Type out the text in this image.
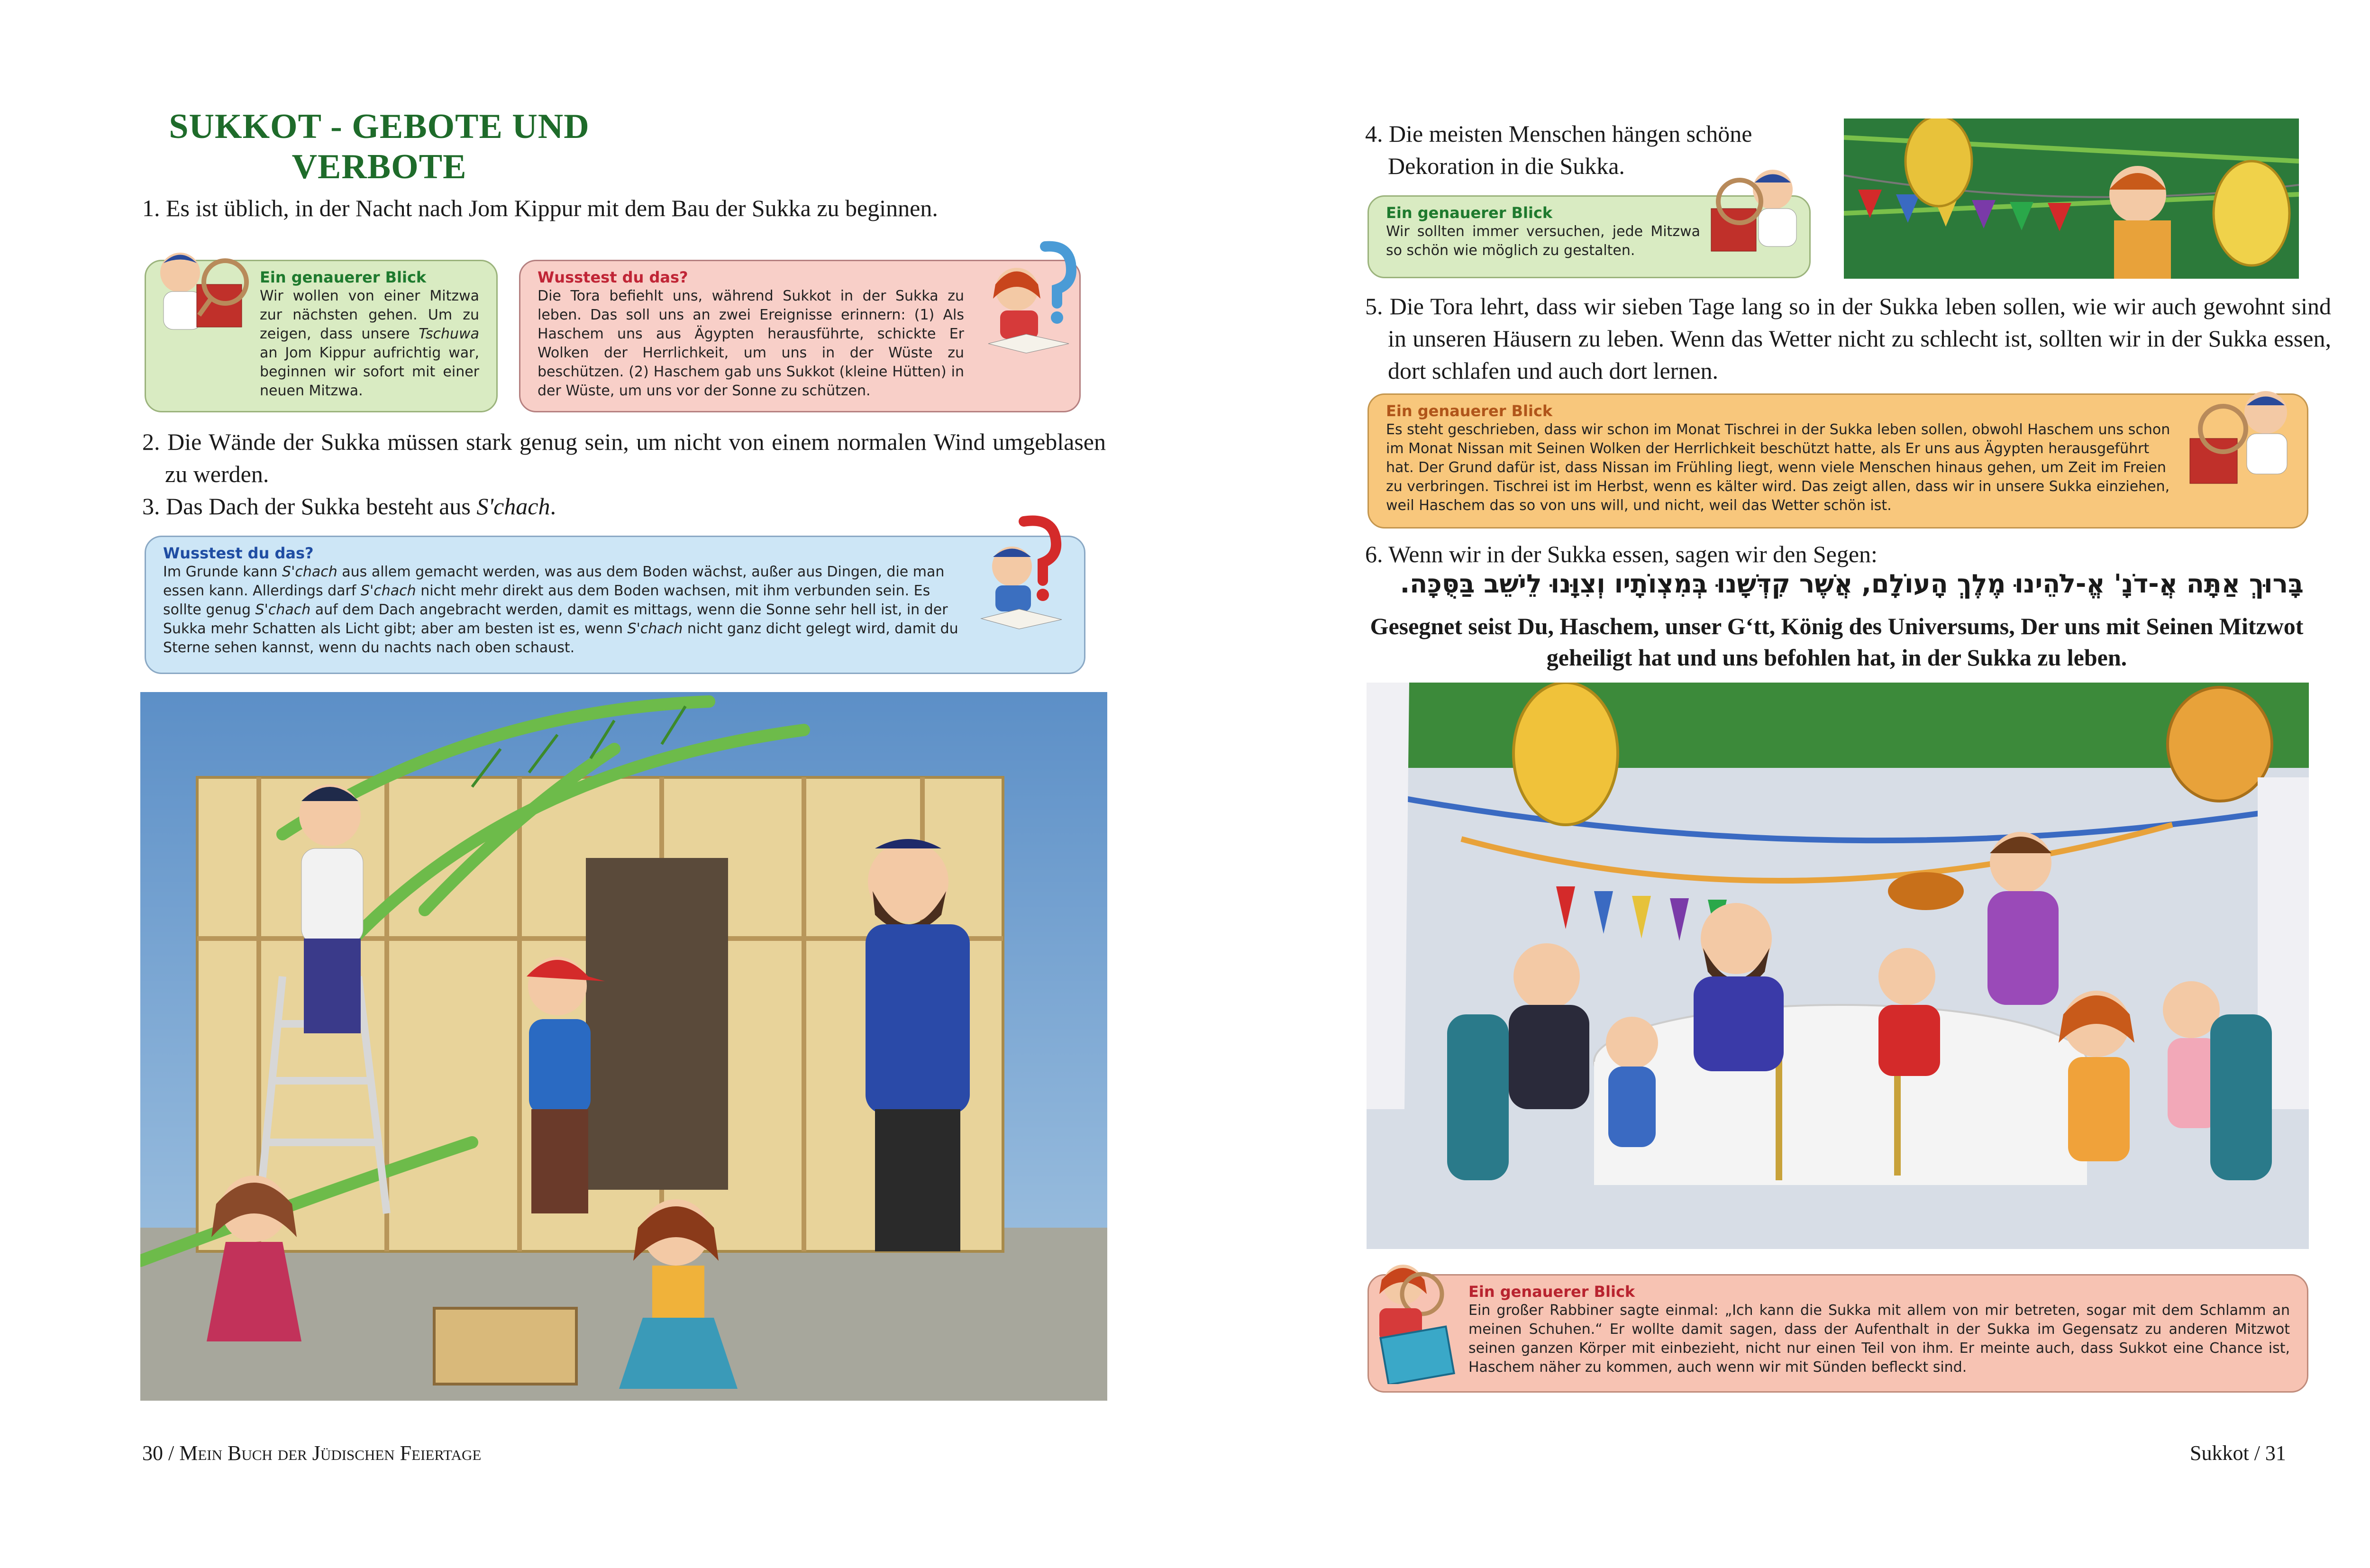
SUKKOT - GEBOTE UND VERBOTE
1. Es ist üblich, in der Nacht nach Jom Kippur mit dem Bau der Sukka zu beginnen.
Ein genauerer Blick
Wir wollen von einer Mitzwa zur nächsten gehen. Um zu zeigen, dass unsere Tschuwa an Jom Kippur aufrichtig war, beginnen wir sofort mit einer neuen Mitzwa.
Wusstest du das?
Die Tora befiehlt uns, während Sukkot in der Sukka zu leben. Das soll uns an zwei Ereignisse erinnern: (1) Als Haschem uns aus Ägypten herausführte, schickte Er Wolken der Herrlichkeit, um uns in der Wüste zu beschützen. (2) Haschem gab uns Sukkot (kleine Hütten) in der Wüste, um uns vor der Sonne zu schützen.
2. Die Wände der Sukka müssen stark genug sein, um nicht von einem normalen Wind umgeblasen zu werden.
3. Das Dach der Sukka besteht aus S'chach.
Wusstest du das?
Im Grunde kann S'chach aus allem gemacht werden, was aus dem Boden wächst, außer aus Dingen, die man essen kann. Allerdings darf S'chach nicht mehr direkt aus dem Boden wachsen, mit ihm verbunden sein. Es sollte genug S'chach auf dem Dach angebracht werden, damit es mittags, wenn die Sonne sehr hell ist, in der Sukka mehr Schatten als Licht gibt; aber am besten ist es, wenn S'chach nicht ganz dicht gelegt wird, damit du Sterne sehen kannst, wenn du nachts nach oben schaust.
30 / Mein Buch der Jüdischen Feiertage
4. Die meisten Menschen hängen schöne Dekoration in die Sukka.
Ein genauerer Blick
Wir sollten immer versuchen, jede Mitzwa so schön wie möglich zu gestalten.
5. Die Tora lehrt, dass wir sieben Tage lang so in der Sukka leben sollen, wie wir auch gewohnt sind in unseren Häusern zu leben. Wenn das Wetter nicht zu schlecht ist, sollten wir in der Sukka essen, dort schlafen und auch dort lernen.
Ein genauerer Blick
Es steht geschrieben, dass wir schon im Monat Tischrei in der Sukka leben sollen, obwohl Haschem uns schon im Monat Nissan mit Seinen Wolken der Herrlichkeit beschützt hatte, als Er uns aus Ägypten herausgeführt hat. Der Grund dafür ist, dass Nissan im Frühling liegt, wenn viele Menschen hinaus gehen, um Zeit im Freien zu verbringen. Tischrei ist im Herbst, wenn es kälter wird. Das zeigt allen, dass wir in unsere Sukka einziehen, weil Haschem das so von uns will, und nicht, weil das Wetter schön ist.
6. Wenn wir in der Sukka essen, sagen wir den Segen:
בָּרוּךְ אַתָּה אֲ-דֹנָ' אֱ-לֹהֵינוּ מֶלֶךְ הָעוֹלָם, אֲשֶׁר קִדְּשָׁנוּ בְּמִצְוֹתָיו וְצִוָּנוּ לֵישֵׁב בַּסֻּכָּה.
Gesegnet seist Du, Haschem, unser G‘tt, König des Universums, Der uns mit Seinen Mitzwot geheiligt hat und uns befohlen hat, in der Sukka zu leben.
Ein genauerer Blick
Ein großer Rabbiner sagte einmal: „Ich kann die Sukka mit allem von mir betreten, sogar mit dem Schlamm an meinen Schuhen.“ Er wollte damit sagen, dass der Aufenthalt in der Sukka im Gegensatz zu anderen Mitzwot seinen ganzen Körper mit einbezieht, nicht nur einen Teil von ihm. Er meinte auch, dass Sukkot eine Chance ist, Haschem näher zu kommen, auch wenn wir mit Sünden befleckt sind.
Sukkot / 31
